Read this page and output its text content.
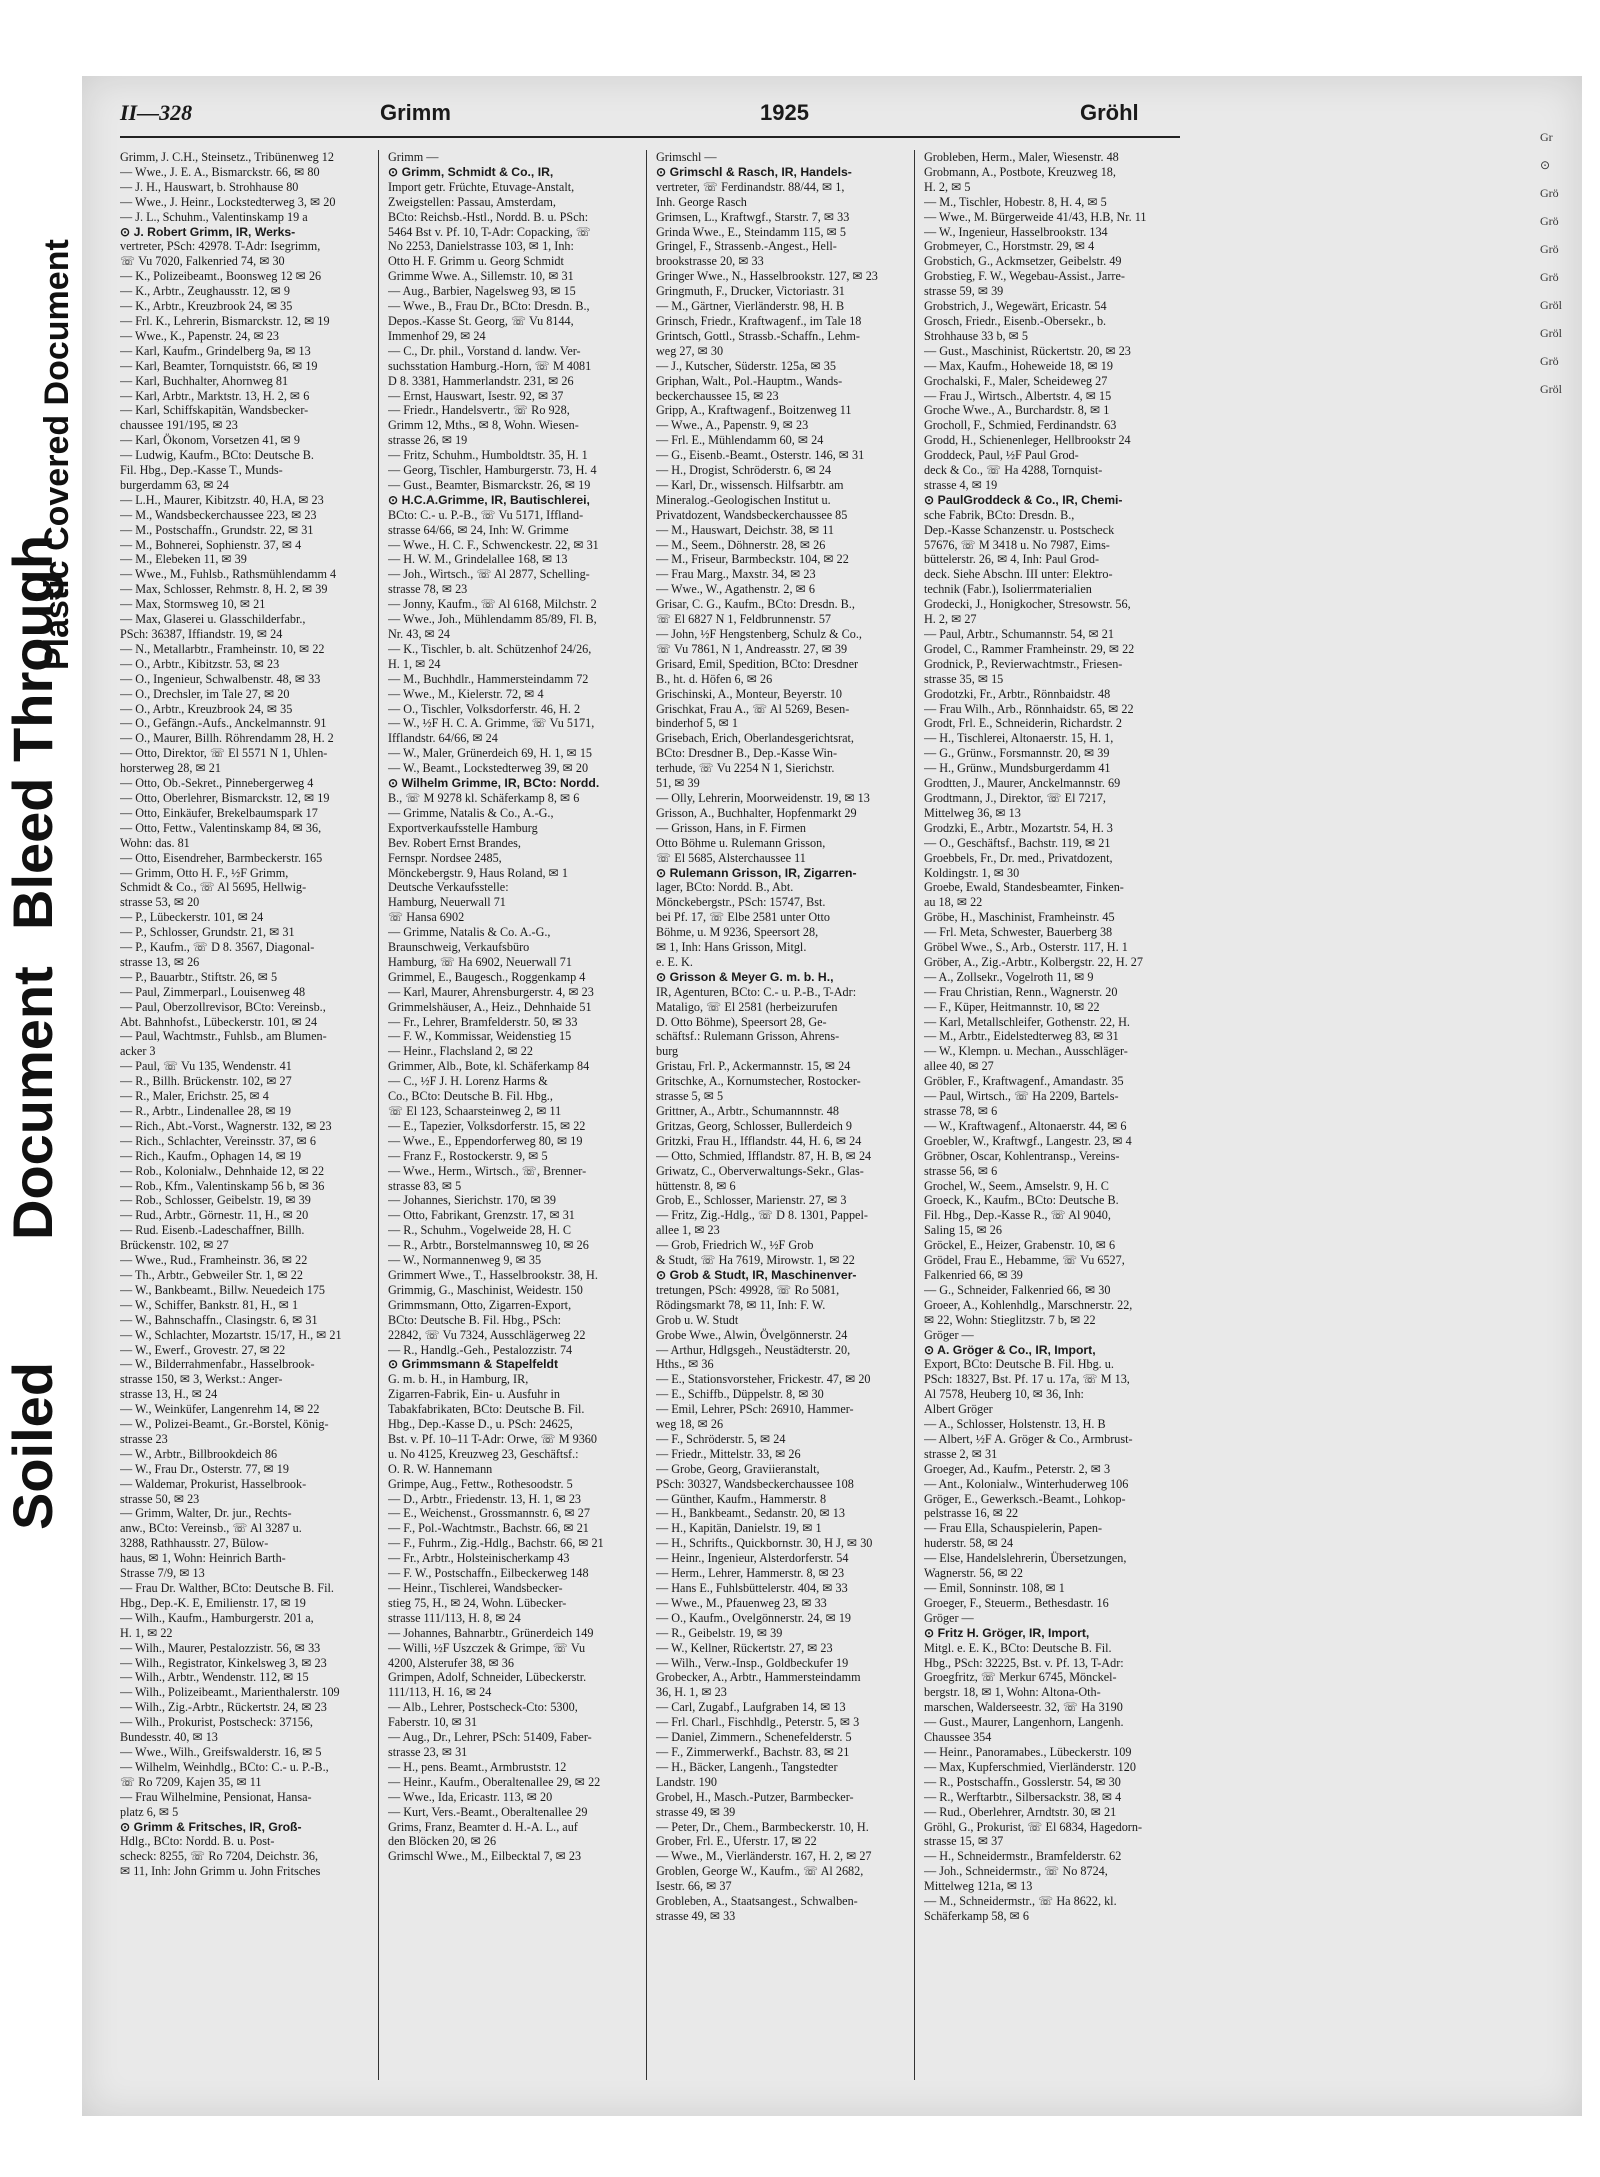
Plastic Covered Document
Bleed Through
Document
Soiled
II—328	Grimm	1925	Gröhl
Grimm, J. C.H., Steinsetz., Tribünenweg 12
— Wwe., J. E. A., Bismarckstr. 66, ✉ 80
— J. H., Hauswart, b. Strohhause 80
— Wwe., J. Heinr., Lockstedterweg 3, ✉ 20
— J. L., Schuhm., Valentinskamp 19 a
⊙ J. Robert Grimm, IR, Werks-
vertreter, PSch: 42978. T-Adr: Isegrimm,
☏ Vu 7020, Falkenried 74, ✉ 30
— K., Polizeibeamt., Boonsweg 12 ✉ 26
— K., Arbtr., Zeughausstr. 12, ✉ 9
— K., Arbtr., Kreuzbrook 24, ✉ 35
— Frl. K., Lehrerin, Bismarckstr. 12, ✉ 19
— Wwe., K., Papenstr. 24, ✉ 23
— Karl, Kaufm., Grindelberg 9a, ✉ 13
— Karl, Beamter, Tornquiststr. 66, ✉ 19
— Karl, Buchhalter, Ahornweg 81
— Karl, Arbtr., Marktstr. 13, H. 2, ✉ 6
— Karl, Schiffskapitän, Wandsbecker-
chaussee 191/195, ✉ 23
— Karl, Ökonom, Vorsetzen 41, ✉ 9
— Ludwig, Kaufm., BCto: Deutsche B.
Fil. Hbg., Dep.-Kasse T., Munds-
burgerdamm 63, ✉ 24
— L.H., Maurer, Kibitzstr. 40, H.A, ✉ 23
— M., Wandsbeckerchaussee 223, ✉ 23
— M., Postschaffn., Grundstr. 22, ✉ 31
— M., Bohnerei, Sophienstr. 37, ✉ 4
— M., Elebeken 11, ✉ 39
— Wwe., M., Fuhlsb., Rathsmühlendamm 4
— Max, Schlosser, Rehmstr. 8, H. 2, ✉ 39
— Max, Stormsweg 10, ✉ 21
— Max, Glaserei u. Glasschilderfabr.,
PSch: 36387, Iffiandstr. 19, ✉ 24
— N., Metallarbtr., Framheinstr. 10, ✉ 22
— O., Arbtr., Kibitzstr. 53, ✉ 23
— O., Ingenieur, Schwalbenstr. 48, ✉ 33
— O., Drechsler, im Tale 27, ✉ 20
— O., Arbtr., Kreuzbrook 24, ✉ 35
— O., Gefängn.-Aufs., Anckelmannstr. 91
— O., Maurer, Billh. Röhrendamm 28, H. 2
— Otto, Direktor, ☏ El 5571 N 1, Uhlen-
horsterweg 28, ✉ 21
— Otto, Ob.-Sekret., Pinnebergerweg 4
— Otto, Oberlehrer, Bismarckstr. 12, ✉ 19
— Otto, Einkäufer, Brekelbaumspark 17
— Otto, Fettw., Valentinskamp 84, ✉ 36,
Wohn: das. 81
— Otto, Eisendreher, Barmbeckerstr. 165
— Grimm, Otto H. F., ½F Grimm,
Schmidt & Co., ☏ Al 5695, Hellwig-
strasse 53, ✉ 20
— P., Lübeckerstr. 101, ✉ 24
— P., Schlosser, Grundstr. 21, ✉ 31
— P., Kaufm., ☏ D 8. 3567, Diagonal-
strasse 13, ✉ 26
— P., Bauarbtr., Stiftstr. 26, ✉ 5
— Paul, Zimmerparl., Louisenweg 48
— Paul, Oberzollrevisor, BCto: Vereinsb.,
Abt. Bahnhofst., Lübeckerstr. 101, ✉ 24
— Paul, Wachtmstr., Fuhlsb., am Blumen-
acker 3
— Paul, ☏ Vu 135, Wendenstr. 41
— R., Billh. Brückenstr. 102, ✉ 27
— R., Maler, Erichstr. 25, ✉ 4
— R., Arbtr., Lindenallee 28, ✉ 19
— Rich., Abt.-Vorst., Wagnerstr. 132, ✉ 23
— Rich., Schlachter, Vereinsstr. 37, ✉ 6
— Rich., Kaufm., Ophagen 14, ✉ 19
— Rob., Kolonialw., Dehnhaide 12, ✉ 22
— Rob., Kfm., Valentinskamp 56 b, ✉ 36
— Rob., Schlosser, Geibelstr. 19, ✉ 39
— Rud., Arbtr., Görnestr. 11, H., ✉ 20
— Rud. Eisenb.-Ladeschaffner, Billh.
Brückenstr. 102, ✉ 27
— Wwe., Rud., Framheinstr. 36, ✉ 22
— Th., Arbtr., Gebweiler Str. 1, ✉ 22
— W., Bankbeamt., Billw. Neuedeich 175
— W., Schiffer, Bankstr. 81, H., ✉ 1
— W., Bahnschaffn., Clasingstr. 6, ✉ 31
— W., Schlachter, Mozartstr. 15/17, H., ✉ 21
— W., Ewerf., Grovestr. 27, ✉ 22
— W., Bilderrahmenfabr., Hasselbrook-
strasse 150, ✉ 3, Werkst.: Anger-
strasse 13, H., ✉ 24
— W., Weinküfer, Langenrehm 14, ✉ 22
— W., Polizei-Beamt., Gr.-Borstel, König-
strasse 23
— W., Arbtr., Billbrookdeich 86
— W., Frau Dr., Osterstr. 77, ✉ 19
— Waldemar, Prokurist, Hasselbrook-
strasse 50, ✉ 23
— Grimm, Walter, Dr. jur., Rechts-
anw., BCto: Vereinsb., ☏ Al 3287 u.
3288, Rathhausstr. 27, Bülow-
haus, ✉ 1, Wohn: Heinrich Barth-
Strasse 7/9, ✉ 13
— Frau Dr. Walther, BCto: Deutsche B. Fil.
Hbg., Dep.-K. E, Emilienstr. 17, ✉ 19
— Wilh., Kaufm., Hamburgerstr. 201 a,
H. 1, ✉ 22
— Wilh., Maurer, Pestalozzistr. 56, ✉ 33
— Wilh., Registrator, Kinkelsweg 3, ✉ 23
— Wilh., Arbtr., Wendenstr. 112, ✉ 15
— Wilh., Polizeibeamt., Marienthalerstr. 109
— Wilh., Zig.-Arbtr., Rückertstr. 24, ✉ 23
— Wilh., Prokurist, Postscheck: 37156,
Bundesstr. 40, ✉ 13
— Wwe., Wilh., Greifswalderstr. 16, ✉ 5
— Wilhelm, Weinhdlg., BCto: C.- u. P.-B.,
☏ Ro 7209, Kajen 35, ✉ 11
— Frau Wilhelmine, Pensionat, Hansa-
platz 6, ✉ 5
⊙ Grimm & Fritsches, IR, Groß-
Hdlg., BCto: Nordd. B. u. Post-
scheck: 8255, ☏ Ro 7204, Deichstr. 36,
✉ 11, Inh: John Grimm u. John Fritsches
Grimm —
⊙ Grimm, Schmidt & Co., IR,
Import getr. Früchte, Etuvage-Anstalt,
Zweigstellen: Passau, Amsterdam,
BCto: Reichsb.-Hstl., Nordd. B. u. PSch:
5464 Bst v. Pf. 10, T-Adr: Copacking, ☏
No 2253, Danielstrasse 103, ✉ 1, Inh:
Otto H. F. Grimm u. Georg Schmidt
Grimme Wwe. A., Sillemstr. 10, ✉ 31
— Aug., Barbier, Nagelsweg 93, ✉ 15
— Wwe., B., Frau Dr., BCto: Dresdn. B.,
Depos.-Kasse St. Georg, ☏ Vu 8144,
Immenhof 29, ✉ 24
— C., Dr. phil., Vorstand d. landw. Ver-
suchsstation Hamburg.-Horn, ☏ M 4081
D 8. 3381, Hammerlandstr. 231, ✉ 26
— Ernst, Hauswart, Isestr. 92, ✉ 37
— Friedr., Handelsvertr., ☏ Ro 928,
Grimm 12, Mths., ✉ 8, Wohn. Wiesen-
strasse 26, ✉ 19
— Fritz, Schuhm., Humboldtstr. 35, H. 1
— Georg, Tischler, Hamburgerstr. 73, H. 4
— Gust., Beamter, Bismarckstr. 26, ✉ 19
⊙ H.C.A.Grimme, IR, Bautischlerei,
BCto: C.- u. P.-B., ☏ Vu 5171, Iffland-
strasse 64/66, ✉ 24, Inh: W. Grimme
— Wwe., H. C. F., Schwenckestr. 22, ✉ 31
— H. W. M., Grindelallee 168, ✉ 13
— Joh., Wirtsch., ☏ Al 2877, Schelling-
strasse 78, ✉ 23
— Jonny, Kaufm., ☏ Al 6168, Milchstr. 2
— Wwe., Joh., Mühlendamm 85/89, Fl. B,
Nr. 43, ✉ 24
— K., Tischler, b. alt. Schützenhof 24/26,
H. 1, ✉ 24
— M., Buchhdlr., Hammersteindamm 72
— Wwe., M., Kielerstr. 72, ✉ 4
— O., Tischler, Volksdorferstr. 46, H. 2
— W., ½F H. C. A. Grimme, ☏ Vu 5171,
Ifflandstr. 64/66, ✉ 24
— W., Maler, Grünerdeich 69, H. 1, ✉ 15
— W., Beamt., Lockstedterweg 39, ✉ 20
⊙ Wilhelm Grimme, IR, BCto: Nordd.
B., ☏ M 9278 kl. Schäferkamp 8, ✉ 6
— Grimme, Natalis & Co., A.-G.,
Exportverkaufsstelle Hamburg
Bev. Robert Ernst Brandes,
Fernspr. Nordsee 2485,
Mönckebergstr. 9, Haus Roland, ✉ 1
Deutsche Verkaufsstelle:
Hamburg, Neuerwall 71
☏ Hansa 6902
— Grimme, Natalis & Co. A.-G.,
Braunschweig, Verkaufsbüro
Hamburg, ☏ Ha 6902, Neuerwall 71
Grimmel, E., Baugesch., Roggenkamp 4
— Karl, Maurer, Ahrensburgerstr. 4, ✉ 23
Grimmelshäuser, A., Heiz., Dehnhaide 51
— Fr., Lehrer, Bramfelderstr. 50, ✉ 33
— F. W., Kommissar, Weidenstieg 15
— Heinr., Flachsland 2, ✉ 22
Grimmer, Alb., Bote, kl. Schäferkamp 84
— C., ½F J. H. Lorenz Harms &
Co., BCto: Deutsche B. Fil. Hbg.,
☏ El 123, Schaarsteinweg 2, ✉ 11
— E., Tapezier, Volksdorferstr. 15, ✉ 22
— Wwe., E., Eppendorferweg 80, ✉ 19
— Franz F., Rostockerstr. 9, ✉ 5
— Wwe., Herm., Wirtsch., ☏, Brenner-
strasse 83, ✉ 5
— Johannes, Sierichstr. 170, ✉ 39
— Otto, Fabrikant, Grenzstr. 17, ✉ 31
— R., Schuhm., Vogelweide 28, H. C
— R., Arbtr., Borstelmannsweg 10, ✉ 26
— W., Normannenweg 9, ✉ 35
Grimmert Wwe., T., Hasselbrookstr. 38, H.
Grimmig, G., Maschinist, Weidestr. 150
Grimmsmann, Otto, Zigarren-Export,
BCto: Deutsche B. Fil. Hbg., PSch:
22842, ☏ Vu 7324, Ausschlägerweg 22
— R., Handlg.-Geh., Pestalozzistr. 74
⊙ Grimmsmann & Stapelfeldt
G. m. b. H., in Hamburg, IR,
Zigarren-Fabrik, Ein- u. Ausfuhr in
Tabakfabrikaten, BCto: Deutsche B. Fil.
Hbg., Dep.-Kasse D., u. PSch: 24625,
Bst. v. Pf. 10–11 T-Adr: Orwe, ☏ M 9360
u. No 4125, Kreuzweg 23, Geschäftsf.:
O. R. W. Hannemann
Grimpe, Aug., Fettw., Rothesoodstr. 5
— D., Arbtr., Friedenstr. 13, H. 1, ✉ 23
— E., Weichenst., Grossmannstr. 6, ✉ 27
— F., Pol.-Wachtmstr., Bachstr. 66, ✉ 21
— F., Fuhrm., Zig.-Hdlg., Bachstr. 66, ✉ 21
— Fr., Arbtr., Holsteinischerkamp 43
— F. W., Postschaffn., Eilbeckerweg 148
— Heinr., Tischlerei, Wandsbecker-
stieg 75, H., ✉ 24, Wohn. Lübecker-
strasse 111/113, H. 8, ✉ 24
— Johannes, Bahnarbtr., Grünerdeich 149
— Willi, ½F Uszczek & Grimpe, ☏ Vu
4200, Alsterufer 38, ✉ 36
Grimpen, Adolf, Schneider, Lübeckerstr.
111/113, H. 16, ✉ 24
— Alb., Lehrer, Postscheck-Cto: 5300,
Faberstr. 10, ✉ 31
— Aug., Dr., Lehrer, PSch: 51409, Faber-
strasse 23, ✉ 31
— H., pens. Beamt., Armbruststr. 12
— Heinr., Kaufm., Oberaltenallee 29, ✉ 22
— Wwe., Ida, Ericastr. 113, ✉ 20
— Kurt, Vers.-Beamt., Oberaltenallee 29
Grims, Franz, Beamter d. H.-A. L., auf
den Blöcken 20, ✉ 26
Grimschl Wwe., M., Eilbecktal 7, ✉ 23
Grimschl —
⊙ Grimschl & Rasch, IR, Handels-
vertreter, ☏ Ferdinandstr. 88/44, ✉ 1,
Inh. George Rasch
Grimsen, L., Kraftwgf., Starstr. 7, ✉ 33
Grinda Wwe., E., Steindamm 115, ✉ 5
Gringel, F., Strassenb.-Angest., Hell-
brookstrasse 20, ✉ 33
Gringer Wwe., N., Hasselbrookstr. 127, ✉ 23
Gringmuth, F., Drucker, Victoriastr. 31
— M., Gärtner, Vierländerstr. 98, H. B
Grinsch, Friedr., Kraftwagenf., im Tale 18
Grintsch, Gottl., Strassb.-Schaffn., Lehm-
weg 27, ✉ 30
— J., Kutscher, Süderstr. 125a, ✉ 35
Griphan, Walt., Pol.-Hauptm., Wands-
beckerchaussee 15, ✉ 23
Gripp, A., Kraftwagenf., Boitzenweg 11
— Wwe., A., Papenstr. 9, ✉ 23
— Frl. E., Mühlendamm 60, ✉ 24
— G., Eisenb.-Beamt., Osterstr. 146, ✉ 31
— H., Drogist, Schröderstr. 6, ✉ 24
— Karl, Dr., wissensch. Hilfsarbtr. am
Mineralog.-Geologischen Institut u.
Privatdozent, Wandsbeckerchaussee 85
— M., Hauswart, Deichstr. 38, ✉ 11
— M., Seem., Döhnerstr. 28, ✉ 26
— M., Friseur, Barmbeckstr. 104, ✉ 22
— Frau Marg., Maxstr. 34, ✉ 23
— Wwe., W., Agathenstr. 2, ✉ 6
Grisar, C. G., Kaufm., BCto: Dresdn. B.,
☏ El 6827 N 1, Feldbrunnenstr. 57
— John, ½F Hengstenberg, Schulz & Co.,
☏ Vu 7861, N 1, Andreasstr. 27, ✉ 39
Grisard, Emil, Spedition, BCto: Dresdner
B., ht. d. Höfen 6, ✉ 26
Grischinski, A., Monteur, Beyerstr. 10
Grischkat, Frau A., ☏ Al 5269, Besen-
binderhof 5, ✉ 1
Grisebach, Erich, Oberlandesgerichtsrat,
BCto: Dresdner B., Dep.-Kasse Win-
terhude, ☏ Vu 2254 N 1, Sierichstr.
51, ✉ 39
— Olly, Lehrerin, Moorweidenstr. 19, ✉ 13
Grisson, A., Buchhalter, Hopfenmarkt 29
— Grisson, Hans, in F. Firmen
Otto Böhme u. Rulemann Grisson,
☏ El 5685, Alsterchaussee 11
⊙ Rulemann Grisson, IR, Zigarren-
lager, BCto: Nordd. B., Abt.
Mönckebergstr., PSch: 15747, Bst.
bei Pf. 17, ☏ Elbe 2581 unter Otto
Böhme, u. M 9236, Speersort 28,
✉ 1, Inh: Hans Grisson, Mitgl.
e. E. K.
⊙ Grisson & Meyer G. m. b. H.,
IR, Agenturen, BCto: C.- u. P.-B., T-Adr:
Mataligo, ☏ El 2581 (herbeizurufen
D. Otto Böhme), Speersort 28, Ge-
schäftsf.: Rulemann Grisson, Ahrens-
burg
Gristau, Frl. P., Ackermannstr. 15, ✉ 24
Gritschke, A., Kornumstecher, Rostocker-
strasse 5, ✉ 5
Grittner, A., Arbtr., Schumannnstr. 48
Gritzas, Georg, Schlosser, Bullerdeich 9
Gritzki, Frau H., Ifflandstr. 44, H. 6, ✉ 24
— Otto, Schmied, Ifflandstr. 87, H. B, ✉ 24
Griwatz, C., Oberverwaltungs-Sekr., Glas-
hüttenstr. 8, ✉ 6
Grob, E., Schlosser, Marienstr. 27, ✉ 3
— Fritz, Zig.-Hdlg., ☏ D 8. 1301, Pappel-
allee 1, ✉ 23
— Grob, Friedrich W., ½F Grob
& Studt, ☏ Ha 7619, Mirowstr. 1, ✉ 22
⊙ Grob & Studt, IR, Maschinenver-
tretungen, PSch: 49928, ☏ Ro 5081,
Rödingsmarkt 78, ✉ 11, Inh: F. W.
Grob u. W. Studt
Grobe Wwe., Alwin, Övelgönnerstr. 24
— Arthur, Hdlgsgeh., Neustädterstr. 20,
Hths., ✉ 36
— E., Stationsvorsteher, Frickestr. 47, ✉ 20
— E., Schiffb., Düppelstr. 8, ✉ 30
— Emil, Lehrer, PSch: 26910, Hammer-
weg 18, ✉ 26
— F., Schröderstr. 5, ✉ 24
— Friedr., Mittelstr. 33, ✉ 26
— Grobe, Georg, Graviieranstalt,
PSch: 30327, Wandsbeckerchaussee 108
— Günther, Kaufm., Hammerstr. 8
— H., Bankbeamt., Sedanstr. 20, ✉ 13
— H., Kapitän, Danielstr. 19, ✉ 1
— H., Schrifts., Quickbornstr. 30, H J, ✉ 30
— Heinr., Ingenieur, Alsterdorferstr. 54
— Herm., Lehrer, Hammerstr. 8, ✉ 23
— Hans E., Fuhlsbüttelerstr. 404, ✉ 33
— Wwe., M., Pfauenweg 23, ✉ 33
— O., Kaufm., Ovelgönnerstr. 24, ✉ 19
— R., Geibelstr. 19, ✉ 39
— W., Kellner, Rückertstr. 27, ✉ 23
— Wilh., Verw.-Insp., Goldbeckufer 19
Grobecker, A., Arbtr., Hammersteindamm
36, H. 1, ✉ 23
— Carl, Zugabf., Laufgraben 14, ✉ 13
— Frl. Charl., Fischhdlg., Peterstr. 5, ✉ 3
— Daniel, Zimmern., Schenefelderstr. 5
— F., Zimmerwerkf., Bachstr. 83, ✉ 21
— H., Bäcker, Langenh., Tangstedter
Landstr. 190
Grobel, H., Masch.-Putzer, Barmbecker-
strasse 49, ✉ 39
— Peter, Dr., Chem., Barmbeckerstr. 10, H.
Grober, Frl. E., Uferstr. 17, ✉ 22
— Wwe., M., Vierländerstr. 167, H. 2, ✉ 27
Groblen, George W., Kaufm., ☏ Al 2682,
Isestr. 66, ✉ 37
Grobleben, A., Staatsangest., Schwalben-
strasse 49, ✉ 33
Grobleben, Herm., Maler, Wiesenstr. 48
Grobmann, A., Postbote, Kreuzweg 18,
H. 2, ✉ 5
— M., Tischler, Hobestr. 8, H. 4, ✉ 5
— Wwe., M. Bürgerweide 41/43, H.B, Nr. 11
— W., Ingenieur, Hasselbrookstr. 134
Grobmeyer, C., Horstmstr. 29, ✉ 4
Grobstich, G., Ackmsetzer, Geibelstr. 49
Grobstieg, F. W., Wegebau-Assist., Jarre-
strasse 59, ✉ 39
Grobstrich, J., Wegewärt, Ericastr. 54
Grosch, Friedr., Eisenb.-Obersekr., b.
Strohhause 33 b, ✉ 5
— Gust., Maschinist, Rückertstr. 20, ✉ 23
— Max, Kaufm., Hoheweide 18, ✉ 19
Grochalski, F., Maler, Scheideweg 27
— Frau J., Wirtsch., Albertstr. 4, ✉ 15
Groche Wwe., A., Burchardstr. 8, ✉ 1
Grocholl, F., Schmied, Ferdinandstr. 63
Grodd, H., Schienenleger, Hellbrookstr 24
Groddeck, Paul, ½F Paul Grod-
deck & Co., ☏ Ha 4288, Tornquist-
strasse 4, ✉ 19
⊙ PaulGroddeck & Co., IR, Chemi-
sche Fabrik, BCto: Dresdn. B.,
Dep.-Kasse Schanzenstr. u. Postscheck
57676, ☏ M 3418 u. No 7987, Eims-
büttelerstr. 26, ✉ 4, Inh: Paul Grod-
deck. Siehe Abschn. III unter: Elektro-
technik (Fabr.), Isolierrmaterialien
Grodecki, J., Honigkocher, Stresowstr. 56,
H. 2, ✉ 27
— Paul, Arbtr., Schumannstr. 54, ✉ 21
Grodel, C., Rammer Framheinstr. 29, ✉ 22
Grodnick, P., Revierwachtmstr., Friesen-
strasse 35, ✉ 15
Grodotzki, Fr., Arbtr., Rönnbaidstr. 48
— Frau Wilh., Arb., Rönnhaidstr. 65, ✉ 22
Grodt, Frl. E., Schneiderin, Richardstr. 2
— H., Tischlerei, Altonaerstr. 15, H. 1,
— G., Grünw., Forsmannstr. 20, ✉ 39
— H., Grünw., Mundsburgerdamm 41
Grodtten, J., Maurer, Anckelmannstr. 69
Grodtmann, J., Direktor, ☏ El 7217,
Mittelweg 36, ✉ 13
Grodzki, E., Arbtr., Mozartstr. 54, H. 3
— O., Geschäftsf., Bachstr. 119, ✉ 21
Groebbels, Fr., Dr. med., Privatdozent,
Koldingstr. 1, ✉ 30
Groebe, Ewald, Standesbeamter, Finken-
au 18, ✉ 22
Gröbe, H., Maschinist, Framheinstr. 45
— Frl. Meta, Schwester, Bauerberg 38
Gröbel Wwe., S., Arb., Osterstr. 117, H. 1
Gröber, A., Zig.-Arbtr., Kolbergstr. 22, H. 27
— A., Zollsekr., Vogelroth 11, ✉ 9
— Frau Christian, Renn., Wagnerstr. 20
— F., Küper, Heitmannstr. 10, ✉ 22
— Karl, Metallschleifer, Gothenstr. 22, H.
— M., Arbtr., Eidelstedterweg 83, ✉ 31
— W., Klempn. u. Mechan., Ausschläger-
allee 40, ✉ 27
Gröbler, F., Kraftwagenf., Amandastr. 35
— Paul, Wirtsch., ☏ Ha 2209, Bartels-
strasse 78, ✉ 6
— W., Kraftwagenf., Altonaerstr. 44, ✉ 6
Groebler, W., Kraftwgf., Langestr. 23, ✉ 4
Gröbner, Oscar, Kohlentransp., Vereins-
strasse 56, ✉ 6
Grochel, W., Seem., Amselstr. 9, H. C
Groeck, K., Kaufm., BCto: Deutsche B.
Fil. Hbg., Dep.-Kasse R., ☏ Al 9040,
Saling 15, ✉ 26
Gröckel, E., Heizer, Grabenstr. 10, ✉ 6
Grödel, Frau E., Hebamme, ☏ Vu 6527,
Falkenried 66, ✉ 39
— G., Schneider, Falkenried 66, ✉ 30
Groeer, A., Kohlenhdlg., Marschnerstr. 22,
✉ 22, Wohn: Stieglitzstr. 7 b, ✉ 22
Gröger —
⊙ A. Gröger & Co., IR, Import,
Export, BCto: Deutsche B. Fil. Hbg. u.
PSch: 18327, Bst. Pf. 17 u. 17a, ☏ M 13,
Al 7578, Heuberg 10, ✉ 36, Inh:
Albert Gröger
— A., Schlosser, Holstenstr. 13, H. B
— Albert, ½F A. Gröger & Co., Armbrust-
strasse 2, ✉ 31
Groeger, Ad., Kaufm., Peterstr. 2, ✉ 3
— Ant., Kolonialw., Winterhuderweg 106
Gröger, E., Gewerksch.-Beamt., Lohkop-
pelstrasse 16, ✉ 22
— Frau Ella, Schauspielerin, Papen-
huderstr. 58, ✉ 24
— Else, Handelslehrerin, Übersetzungen,
Wagnerstr. 56, ✉ 22
— Emil, Sonninstr. 108, ✉ 1
Groeger, F., Steuerm., Bethesdastr. 16
Gröger —
⊙ Fritz H. Gröger, IR, Import,
Mitgl. e. E. K., BCto: Deutsche B. Fil.
Hbg., PSch: 32225, Bst. v. Pf. 13, T-Adr:
Groegfritz, ☏ Merkur 6745, Mönckel-
bergstr. 18, ✉ 1, Wohn: Altona-Oth-
marschen, Walderseestr. 32, ☏ Ha 3190
— Gust., Maurer, Langenhorn, Langenh.
Chaussee 354
— Heinr., Panoramabes., Lübeckerstr. 109
— Max, Kupferschmied, Vierländerstr. 120
— R., Postschaffn., Gosslerstr. 54, ✉ 30
— R., Werftarbtr., Silbersackstr. 38, ✉ 4
— Rud., Oberlehrer, Arndtstr. 30, ✉ 21
Gröhl, G., Prokurist, ☏ El 6834, Hagedorn-
strasse 15, ✉ 37
— H., Schneidermstr., Bramfelderstr. 62
— Joh., Schneidermstr., ☏ No 8724,
Mittelweg 121a, ✉ 13
— M., Schneidermstr., ☏ Ha 8622, kl.
Schäferkamp 58, ✉ 6
Gr
⊙
Grö
Grö
Grö
Grö
Gröl
Gröl
Grö
Gröl
